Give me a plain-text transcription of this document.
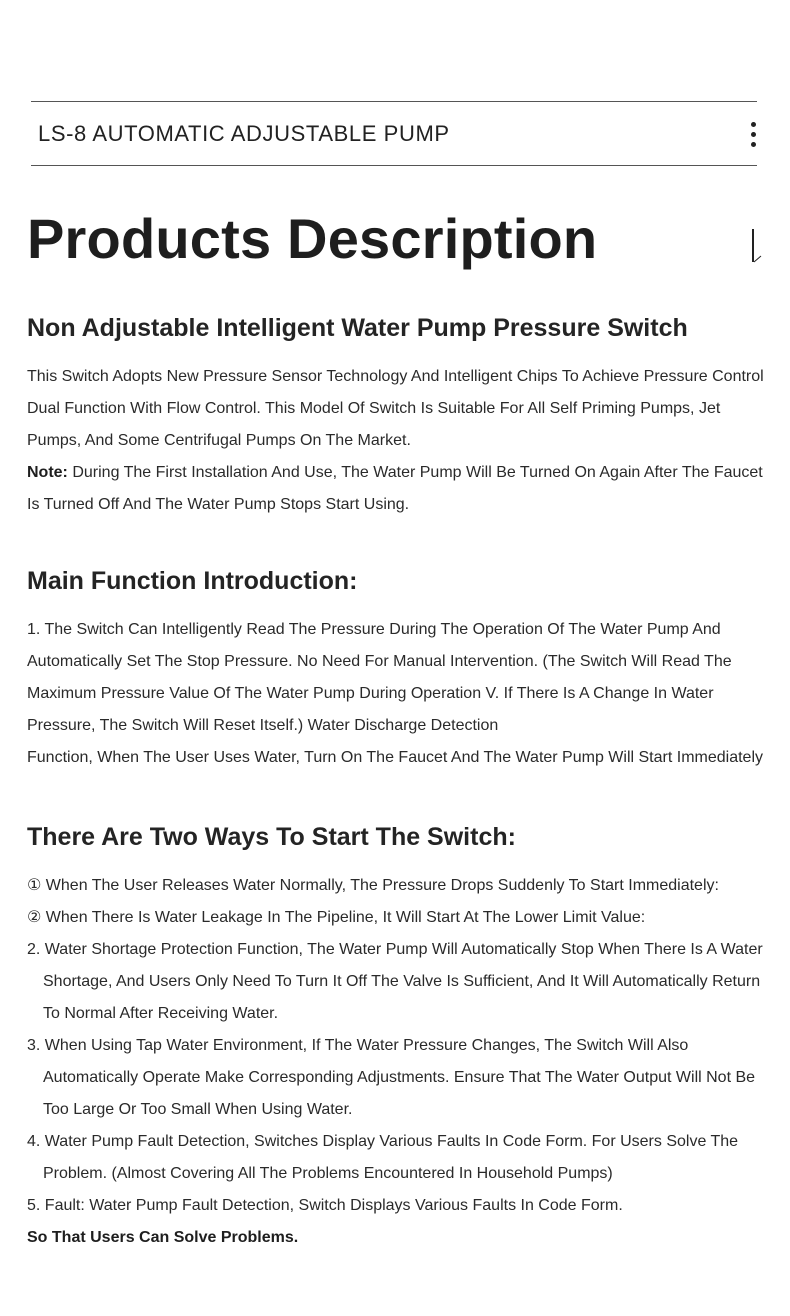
LS-8 AUTOMATIC ADJUSTABLE PUMP
Products Description
Non Adjustable Intelligent Water Pump Pressure Switch
This Switch Adopts New Pressure Sensor Technology And Intelligent Chips To Achieve Pressure Control
Dual Function With Flow Control. This Model Of Switch Is Suitable For All Self Priming Pumps, Jet
Pumps, And Some Centrifugal Pumps On The Market.
Note: During The First Installation And Use, The Water Pump Will Be Turned On Again After The Faucet
Is Turned Off And The Water Pump Stops Start Using.
Main Function Introduction:
1. The Switch Can Intelligently Read The Pressure During The Operation Of The Water Pump And
Automatically Set The Stop Pressure. No Need For Manual Intervention. (The Switch Will Read The
Maximum Pressure Value Of The Water Pump During Operation V. If There Is A Change In Water
Pressure, The Switch Will Reset Itself.) Water Discharge Detection
Function, When The User Uses Water, Turn On The Faucet And The Water Pump Will Start Immediately
There Are Two Ways To Start The Switch:
① When The User Releases Water Normally, The Pressure Drops Suddenly To Start Immediately:
② When There Is Water Leakage In The Pipeline, It Will Start At The Lower Limit Value:
2. Water Shortage Protection Function, The Water Pump Will Automatically Stop When There Is A Water
Shortage, And Users Only Need To Turn It Off The Valve Is Sufficient, And It Will Automatically Return
To Normal After Receiving Water.
3. When Using Tap Water Environment, If The Water Pressure Changes, The Switch Will Also
Automatically Operate Make Corresponding Adjustments. Ensure That The Water Output Will Not Be
Too Large Or Too Small When Using Water.
4. Water Pump Fault Detection, Switches Display Various Faults In Code Form. For Users Solve The
Problem. (Almost Covering All The Problems Encountered In Household Pumps)
5. Fault: Water Pump Fault Detection, Switch Displays Various Faults In Code Form.
So That Users Can Solve Problems.
